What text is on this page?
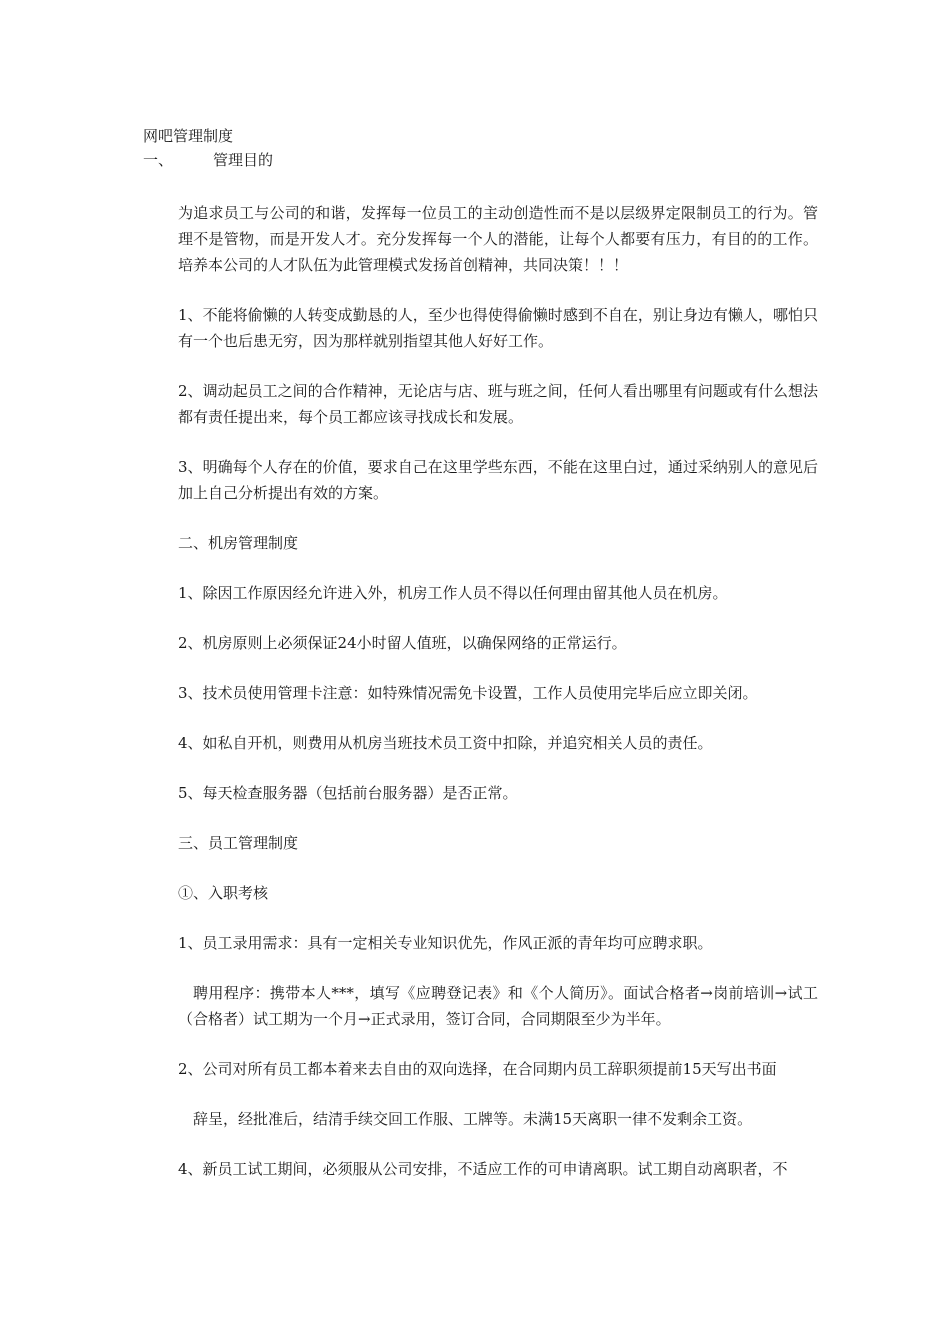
网吧管理制度
一、	管理目的

为追求员工与公司的和谐，发挥每一位员工的主动创造性而不是以层级界定限制员工的行为。管理不是管物，而是开发人才。充分发挥每一个人的潜能，让每个人都要有压力，有目的的工作。培养本公司的人才队伍为此管理模式发扬首创精神，共同决策！！！

1、不能将偷懒的人转变成勤恳的人，至少也得使得偷懒时感到不自在，别让身边有懒人，哪怕只有一个也后患无穷，因为那样就别指望其他人好好工作。

2、调动起员工之间的合作精神，无论店与店、班与班之间，任何人看出哪里有问题或有什么想法都有责任提出来，每个员工都应该寻找成长和发展。

3、明确每个人存在的价值，要求自己在这里学些东西，不能在这里白过，通过采纳别人的意见后加上自己分析提出有效的方案。

二、机房管理制度

1、除因工作原因经允许进入外，机房工作人员不得以任何理由留其他人员在机房。

2、机房原则上必须保证24小时留人值班，以确保网络的正常运行。

3、技术员使用管理卡注意：如特殊情况需免卡设置，工作人员使用完毕后应立即关闭。

4、如私自开机，则费用从机房当班技术员工资中扣除，并追究相关人员的责任。

5、每天检查服务器（包括前台服务器）是否正常。

三、员工管理制度

①、入职考核

1、员工录用需求：具有一定相关专业知识优先，作风正派的青年均可应聘求职。

聘用程序：携带本人***，填写《应聘登记表》和《个人简历》。面试合格者→岗前培训→试工（合格者）试工期为一个月→正式录用，签订合同，合同期限至少为半年。

2、公司对所有员工都本着来去自由的双向选择，在合同期内员工辞职须提前15天写出书面

辞呈，经批准后，结清手续交回工作服、工牌等。未满15天离职一律不发剩余工资。

4、新员工试工期间，必须服从公司安排，不适应工作的可申请离职。试工期自动离职者，不
